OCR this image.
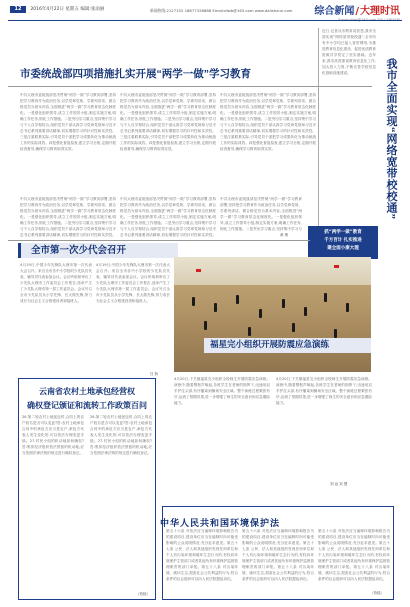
12 2016年4月22日 星期五 编辑:张雨丽	新闻热线:2127152 18877326888 Email:dlwb@163.com www.dalishxun.com 综合新闻/大理时讯
市委统战部四项措施扎实开展“两学一做”学习教育
中共大理市委统战部坚决贯彻“两学一做”学习教育部署,坚持把学习教育作为政治任务,以学党章党规、学系列讲话、做合格党员为基本内容,全面推进“两学一做”学习教育常态化制度化。一是强化组织领导,成立工作领导小组,制定实施方案,明确工作任务,细化工作措施。二是突出学习重点,坚持集中学习与个人自学相结合,组织党员干部认真学习党章党规和习近平总书记系列重要讲话精神,切实增强学习的针对性和实效性。三是注重联系实际,引导党员干部把学习成果转化为推动统战工作的实际成效。四是强化督促检查,建立学习台账,定期开展检查督导,确保学习教育取得实效。
中共大理市委统战部坚决贯彻“两学一做”学习教育部署,坚持把学习教育作为政治任务,以学党章党规、学系列讲话、做合格党员为基本内容,全面推进“两学一做”学习教育常态化制度化。一是强化组织领导,成立工作领导小组,制定实施方案,明确工作任务,细化工作措施。二是突出学习重点,坚持集中学习与个人自学相结合,组织党员干部认真学习党章党规和习近平总书记系列重要讲话精神,切实增强学习的针对性和实效性。三是注重联系实际,引导党员干部把学习成果转化为推动统战工作的实际成效。四是强化督促检查,建立学习台账,定期开展检查督导,确保学习教育取得实效。
中共大理市委统战部坚决贯彻“两学一做”学习教育部署,坚持把学习教育作为政治任务,以学党章党规、学系列讲话、做合格党员为基本内容,全面推进“两学一做”学习教育常态化制度化。一是强化组织领导,成立工作领导小组,制定实施方案,明确工作任务,细化工作措施。二是突出学习重点,坚持集中学习与个人自学相结合,组织党员干部认真学习党章党规和习近平总书记系列重要讲话精神,切实增强学习的针对性和实效性。三是注重联系实际,引导党员干部把学习成果转化为推动统战工作的实际成效。四是强化督促检查,建立学习台账,定期开展检查督导,确保学习教育取得实效。
中共大理市委统战部坚决贯彻“两学一做”学习教育部署,坚持把学习教育作为政治任务,以学党章党规、学系列讲话、做合格党员为基本内容,全面推进“两学一做”学习教育常态化制度化。一是强化组织领导,成立工作领导小组,制定实施方案,明确工作任务,细化工作措施。二是突出学习重点,坚持集中学习与个人自学相结合,组织党员干部认真学习党章党规和习近平总书记系列重要讲话精神,切实增强学习的针对性和实效性。
中共大理市委统战部坚决贯彻“两学一做”学习教育部署,坚持把学习教育作为政治任务,以学党章党规、学系列讲话、做合格党员为基本内容,全面推进“两学一做”学习教育常态化制度化。一是强化组织领导,成立工作领导小组,制定实施方案,明确工作任务,细化工作措施。二是突出学习重点,坚持集中学习与个人自学相结合,组织党员干部认真学习党章党规和习近平总书记系列重要讲话精神,切实增强学习的针对性和实效性。
中共大理市委统战部坚决贯彻“两学一做”学习教育部署,坚持把学习教育作为政治任务,以学党章党规、学系列讲话、做合格党员为基本内容,全面推进“两学一做”学习教育常态化制度化。一是强化组织领导,成立工作领导小组,制定实施方案,明确工作任务,细化工作措施。二是突出学习重点,坚持集中学习与
黄 维
近日,记者从市教育局获悉,我市全面实现“网络宽带校校通”,全市所有中小学均已接入宽带网络,为推进教育信息化建设、促进优质教育资源共享奠定了坚实基础。近年来,我市高度重视教育信息化工作,加大投入力度,不断完善学校信息化基础设施建设。	我市全面实现“网络宽带校校通”
抓“两学一做”教育
千方百计 扎实推进
建全面小康大理
全市第一次少代会召开
4月19日,中国少年先锋队大理市第一次代表大会召开。来自全市各中小学校的少先队员代表、辅导员代表参加会议。会议听取和审议了少先队大理市工作委员会工作报告,选举产生了少先队大理市第一届工作委员会。会议号召全市少先队员从小学先锋、长大做先锋,努力成长为社会主义合格建设者和接班人。
4月19日,中国少年先锋队大理市第一次代表大会召开。来自全市各中小学校的少先队员代表、辅导员代表参加会议。会议听取和审议了少先队大理市工作委员会工作报告,选举产生了少先队大理市第一届工作委员会。会议号召全市少先队员从小学先锋、长大做先锋,努力成长为社会主义合格建设者和接班人。
吕 娇
福星完小组织开展防震应急演练
4月20日,下关镇福星完小组织全校师生开展防震应急演练。演练中,随着警报声响起,各班学生在老师的指挥下,迅速用双手护住头部,有序撤离到操场安全区域。整个演练过程紧张有序,达到了预期效果,进一步增强了师生的安全意识和应急避险能力。
4月20日,下关镇福星完小组织全校师生开展防震应急演练。演练中,随着警报声响起,各班学生在老师的指挥下,迅速用双手护住头部,有序撤离到操场安全区域。整个演练过程紧张有序,达到了预期效果,进一步增强了师生的安全意识和应急避险能力。
刘 远 宋 慧
云南省农村土地承包经营权
确权登记颁证和流转工作政策百问
26.第二轮农村土地延包时,合同上的农户姓名是否可以变更?答:农村土地承包合同中的承包方应当是农户,承包方代表人发生变化的,可以依法办理变更手续。27.村民小组的机动地如何确权?答:集体经济组织依法预留的机动地,应当依照法律法规的规定进行确权登记。
26.第二轮农村土地延包时,合同上的农户姓名是否可以变更?答:农村土地承包合同中的承包方应当是农户,承包方代表人发生变化的,可以依法办理变更手续。27.村民小组的机动地如何确权?答:集体经济组织依法预留的机动地,应当依照法律法规的规定进行确权登记。
（待续）
中华人民共和国环境保护法
第五十六条 对依法应当编制环境影响报告书的建设项目,建设单位应当在编制时向可能受影响的公众说明情况,充分征求意见。第五十七条 公民、法人和其他组织发现任何单位和个人有污染环境和破坏生态行为的,有权向环境保护主管部门或者其他负有环境保护监督管理职责的部门举报。第五十八条 对污染环境、破坏生态,损害社会公共利益的行为,符合条件的社会组织可以向人民法院提起诉讼。
第五十六条 对依法应当编制环境影响报告书的建设项目,建设单位应当在编制时向可能受影响的公众说明情况,充分征求意见。第五十七条 公民、法人和其他组织发现任何单位和个人有污染环境和破坏生态行为的,有权向环境保护主管部门或者其他负有环境保护监督管理职责的部门举报。第五十八条 对污染环境、破坏生态,损害社会公共利益的行为,符合条件的社会组织可以向人民法院提起诉讼。
第五十六条 对依法应当编制环境影响报告书的建设项目,建设单位应当在编制时向可能受影响的公众说明情况,充分征求意见。第五十七条 公民、法人和其他组织发现任何单位和个人有污染环境和破坏生态行为的,有权向环境保护主管部门或者其他负有环境保护监督管理职责的部门举报。第五十八条 对污染环境、破坏生态,损害社会公共利益的行为,符合条件的社会组织可以向人民法院提起诉讼。
（待续）
